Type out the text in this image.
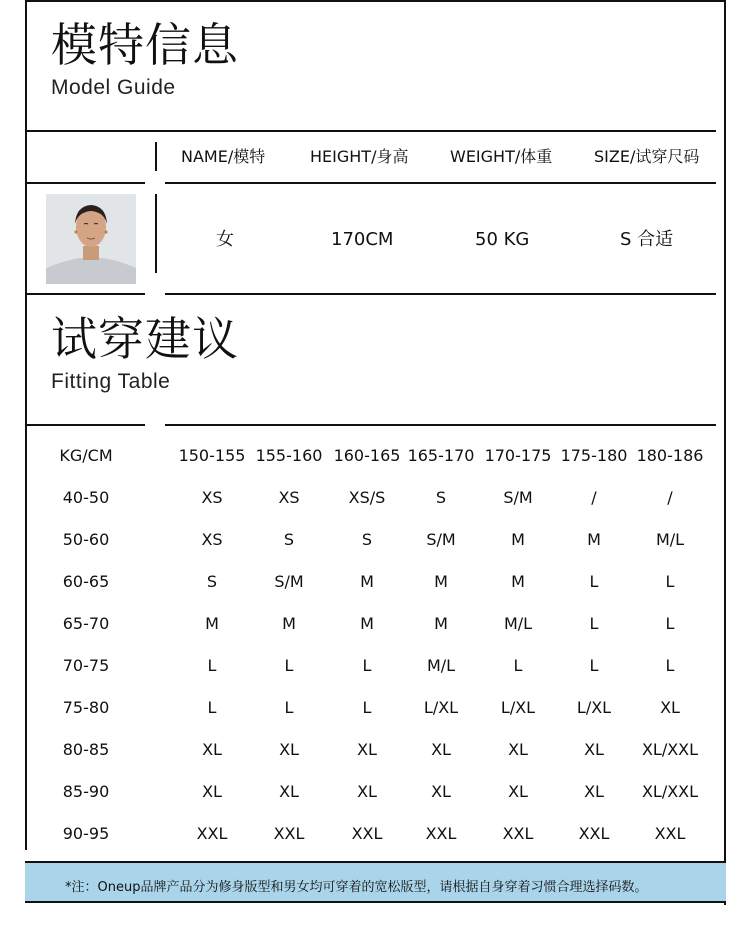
模特信息
Model Guide
NAME/模特	HEIGHT/身高	WEIGHT/体重	SIZE/试穿尺码
女	170CM	50 KG	S 合适
试穿建议
Fitting Table
KG/CM	150-155 155-160 160-165 165-170 170-175 175-180 180-186
40-50	XS	XS	XS/S	S	S/M	/	/
50-60	XS	S	S	S/M	M	M	M/L
60-65	S	S/M	M	M	M	L	L
65-70	M	M	M	M	M/L	L	L
70-75	L	L	L	M/L	L	L	L
75-80	L	L	L	L/XL	L/XL	L/XL	XL
80-85	XL	XL	XL	XL	XL	XL XL/XXL
85-90	XL	XL	XL	XL	XL	XL XL/XXL
90-95	XXL	XXL	XXL	XXL	XXL	XXL	XXL
*注：Oneup品牌产品分为修身版型和男女均可穿着的宽松版型，请根据自身穿着习惯合理选择码数。
